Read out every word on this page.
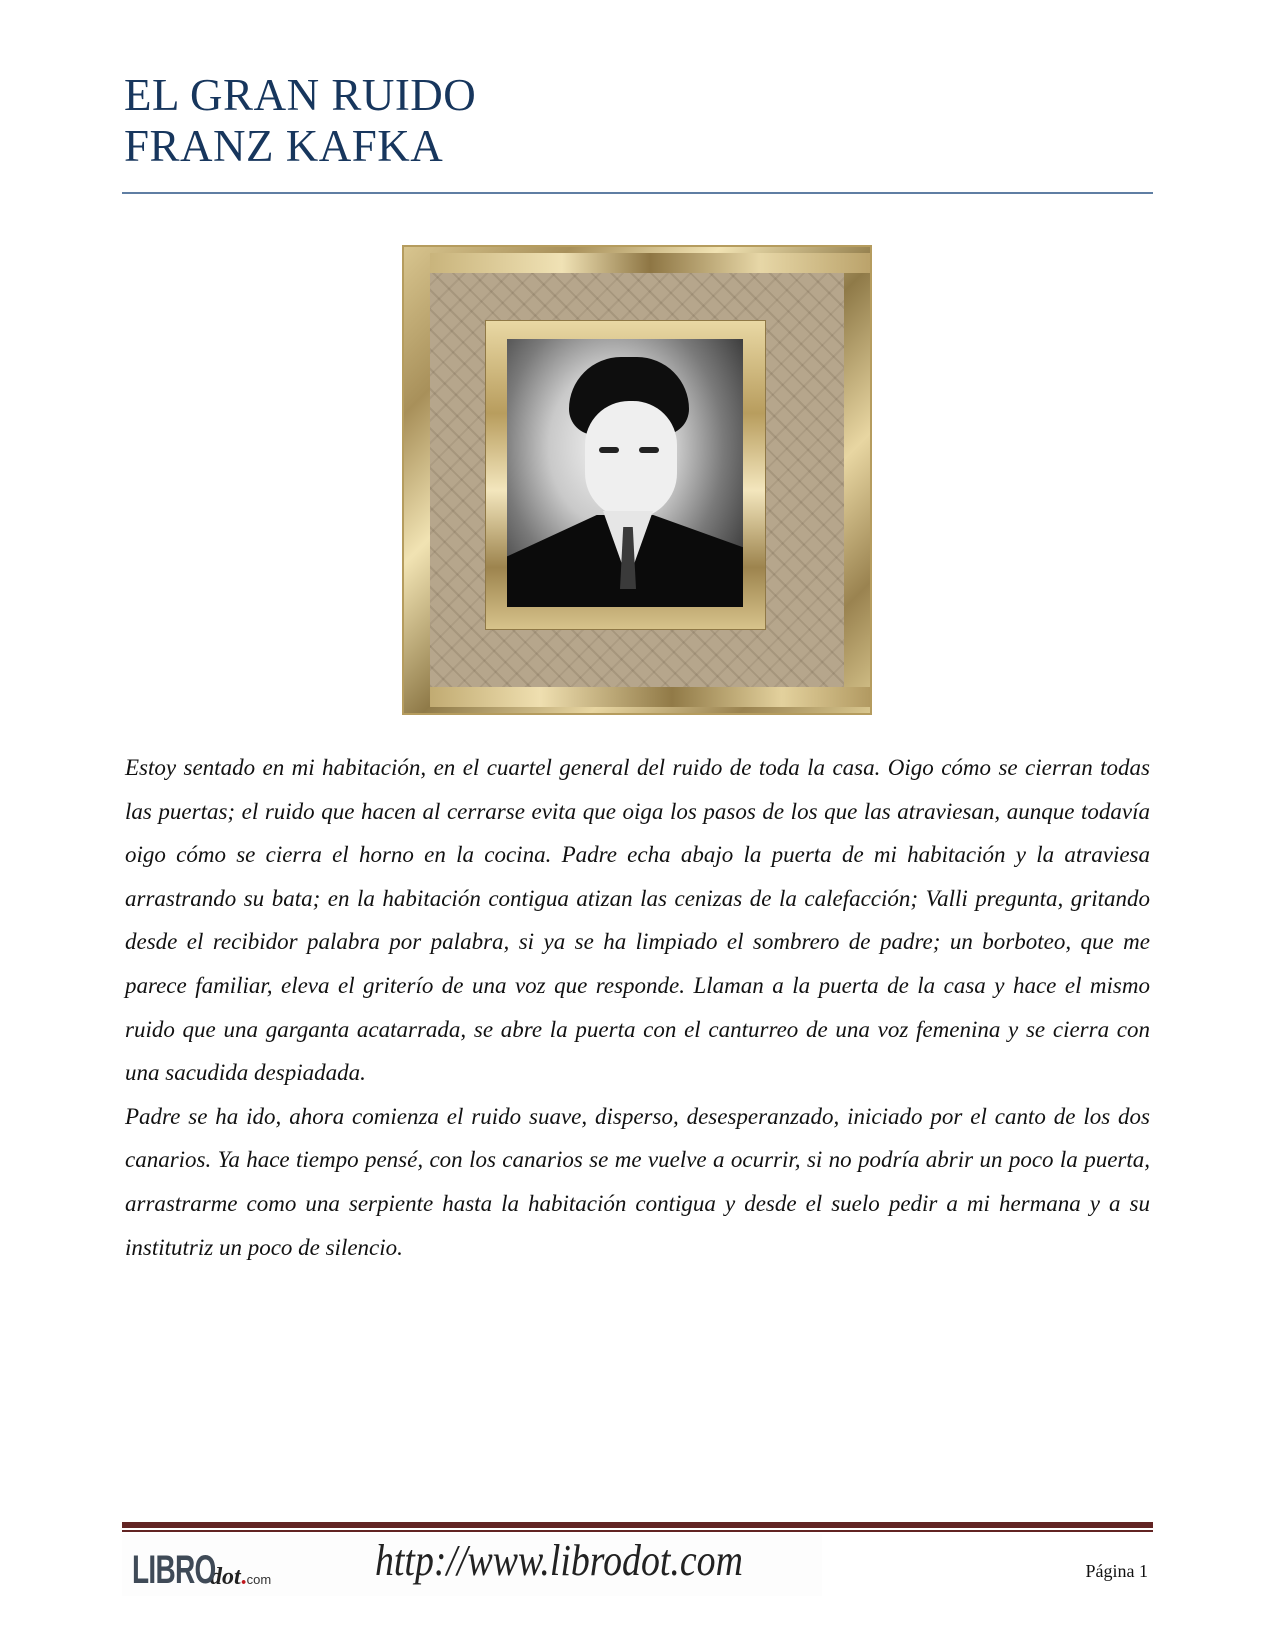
EL GRAN RUIDO
FRANZ KAFKA

Estoy sentado en mi habitación, en el cuartel general del ruido de toda la casa. Oigo cómo se cierran todas las puertas; el ruido que hacen al cerrarse evita que oiga los pasos de los que las atraviesan, aunque todavía oigo cómo se cierra el horno en la cocina. Padre echa abajo la puerta de mi habitación y la atraviesa arrastrando su bata; en la habitación contigua atizan las cenizas de la calefacción; Valli pregunta, gritando desde el recibidor palabra por palabra, si ya se ha limpiado el sombrero de padre; un borboteo, que me parece familiar, eleva el griterío de una voz que responde. Llaman a la puerta de la casa y hace el mismo ruido que una garganta acatarrada, se abre la puerta con el canturreo de una voz femenina y se cierra con una sacudida despiadada.

Padre se ha ido, ahora comienza el ruido suave, disperso, desesperanzado, iniciado por el canto de los dos canarios. Ya hace tiempo pensé, con los canarios se me vuelve a ocurrir, si no podría abrir un poco la puerta, arrastrarme como una serpiente hasta la habitación contigua y desde el suelo pedir a mi hermana y a su institutriz un poco de silencio.

LIBRO
dot . com http://www.librodot.com	Página 1
